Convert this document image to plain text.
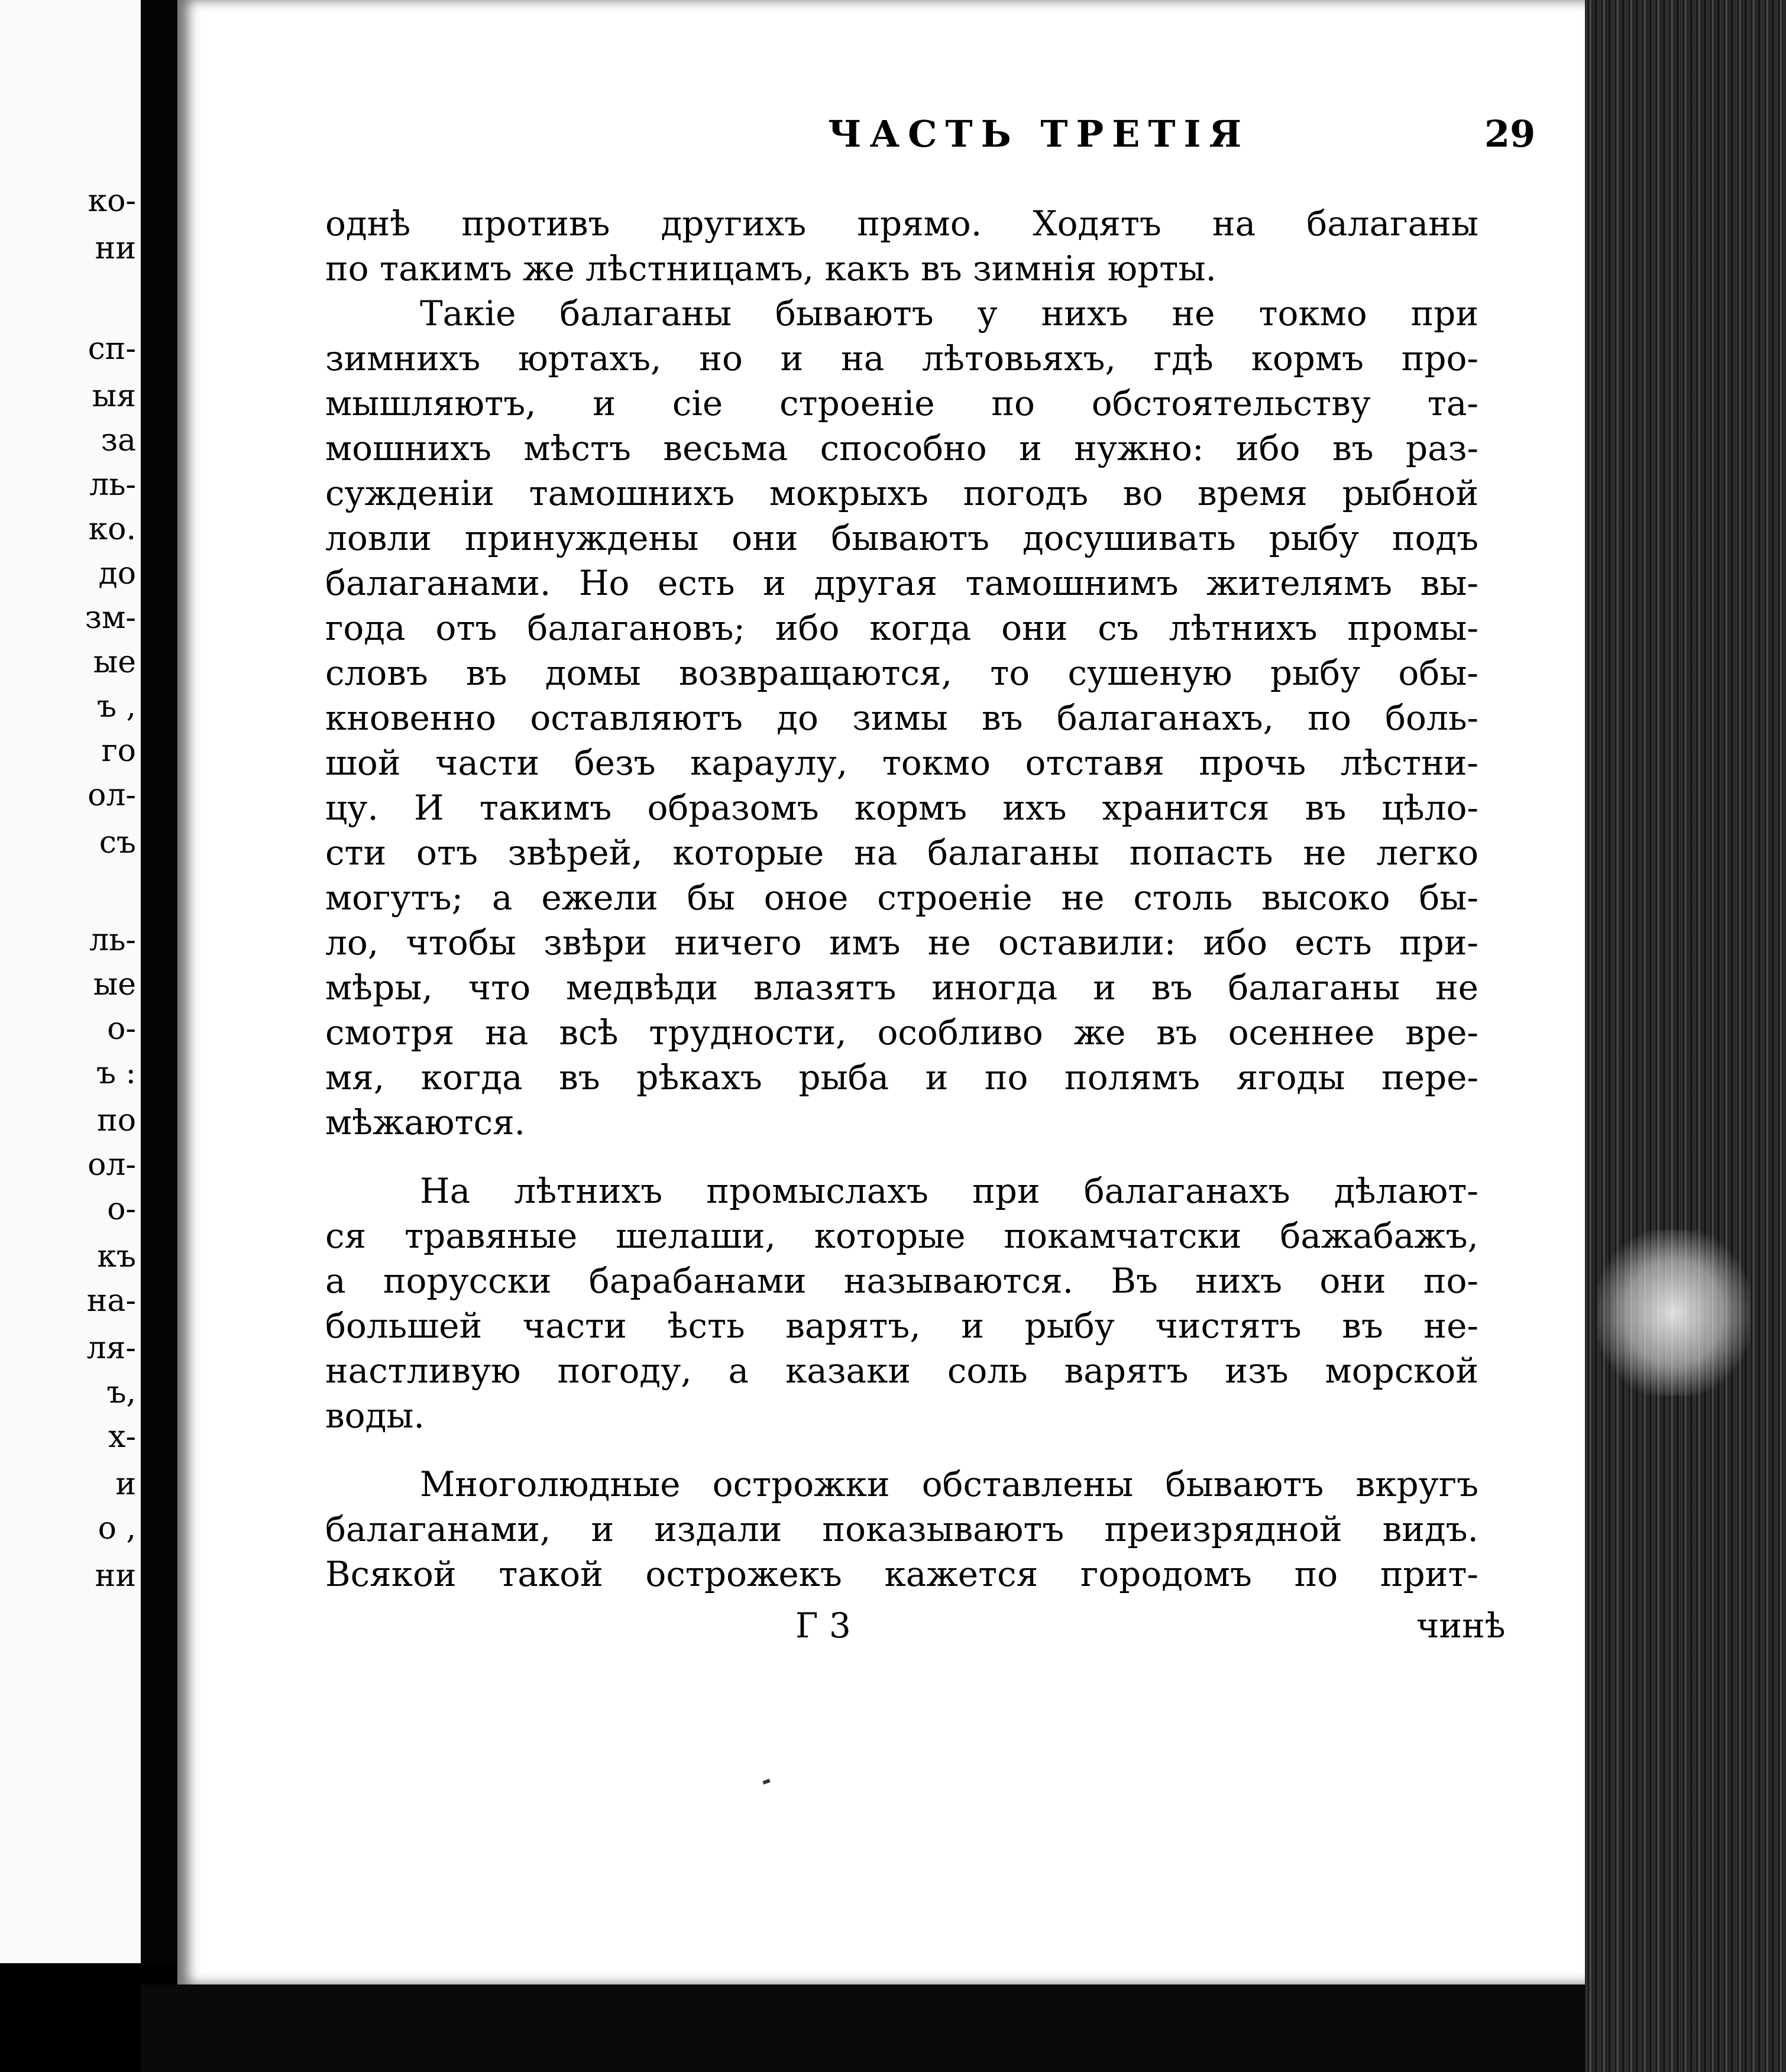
ко-
ни
сп-
ыя
за
ль-
ко.
до
зм-
ые
ъ ,
го
ол-
съ
ль-
ые
о-
ъ :
по
ол-
о-
къ
на-
ля-
ъ,
х-
и
о ,
ни
ЧАСТЬ ТРЕТІЯ	29
однѣ противъ другихъ прямо. Ходятъ на балаганы
по такимъ же лѣстницамъ, какъ въ зимнія юрты.
Такіе балаганы бываютъ у нихъ не токмо при
зимнихъ юртахъ, но и на лѣтовьяхъ, гдѣ кормъ про-
мышляютъ, и сіе строеніе по обстоятельству та-
мошнихъ мѣстъ весьма способно и нужно: ибо въ раз-
сужденіи тамошнихъ мокрыхъ погодъ во время рыбной
ловли принуждены они бываютъ досушивать рыбу подъ
балаганами. Но есть и другая тамошнимъ жителямъ вы-
года отъ балагановъ; ибо когда они съ лѣтнихъ промы-
словъ въ домы возвращаются, то сушеную рыбу обы-
кновенно оставляютъ до зимы въ балаганахъ, по боль-
шой части безъ караулу, токмо отставя прочь лѣстни-
цу. И такимъ образомъ кормъ ихъ хранится въ цѣло-
сти отъ звѣрей, которые на балаганы попасть не легко
могутъ; а ежели бы оное строеніе не столь высоко бы-
ло, чтобы звѣри ничего имъ не оставили: ибо есть при-
мѣры, что медвѣди влазятъ иногда и въ балаганы не
смотря на всѣ трудности, особливо же въ осеннее вре-
мя, когда въ рѣкахъ рыба и по полямъ ягоды пере-
мѣжаются.
На лѣтнихъ промыслахъ при балаганахъ дѣлают-
ся травяные шелаши, которые покамчатски бажабажъ,
а порусски барабанами называются. Въ нихъ они по-
большей части ѣсть варятъ, и рыбу чистятъ въ не-
настливую погоду, а казаки соль варятъ изъ морской
воды.
Многолюдные острожки обставлены бываютъ вкругъ
балаганами, и издали показываютъ преизрядной видъ.
Всякой такой острожекъ кажется городомъ по прит-
Г 3	чинѣ
